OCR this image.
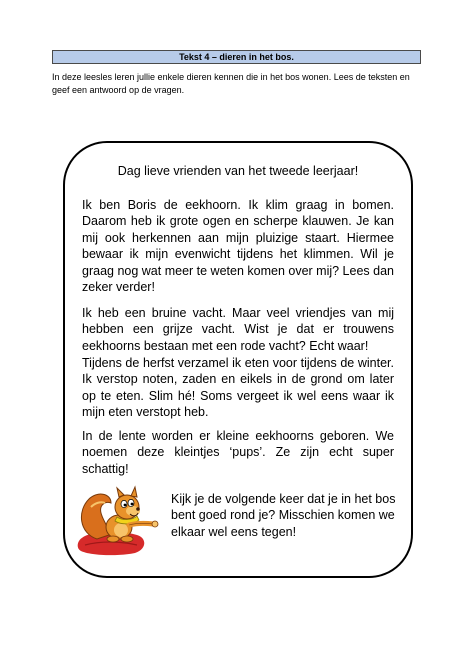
Tekst 4 – dieren in het bos.
In deze leesles leren jullie enkele dieren kennen die in het bos wonen. Lees de teksten en geef een antwoord op de vragen.
Dag lieve vrienden van het tweede leerjaar!

Ik ben Boris de eekhoorn. Ik klim graag in bomen. Daarom heb ik grote ogen en scherpe klauwen. Je kan mij ook herkennen aan mijn pluizige staart. Hiermee bewaar ik mijn evenwicht tijdens het klimmen. Wil je graag nog wat meer te weten komen over mij? Lees dan zeker verder!

Ik heb een bruine vacht. Maar veel vriendjes van mij hebben een grijze vacht. Wist je dat er trouwens eekhoorns bestaan met een rode vacht? Echt waar!

Tijdens de herfst verzamel ik eten voor tijdens de winter. Ik verstop noten, zaden en eikels in de grond om later op te eten. Slim hé! Soms vergeet ik wel eens waar ik mijn eten verstopt heb.

In de lente worden er kleine eekhoorns geboren. We noemen deze kleintjes ‘pups’. Ze zijn echt super schattig!

Kijk je de volgende keer dat je in het bos bent goed rond je? Misschien komen we elkaar wel eens tegen!
